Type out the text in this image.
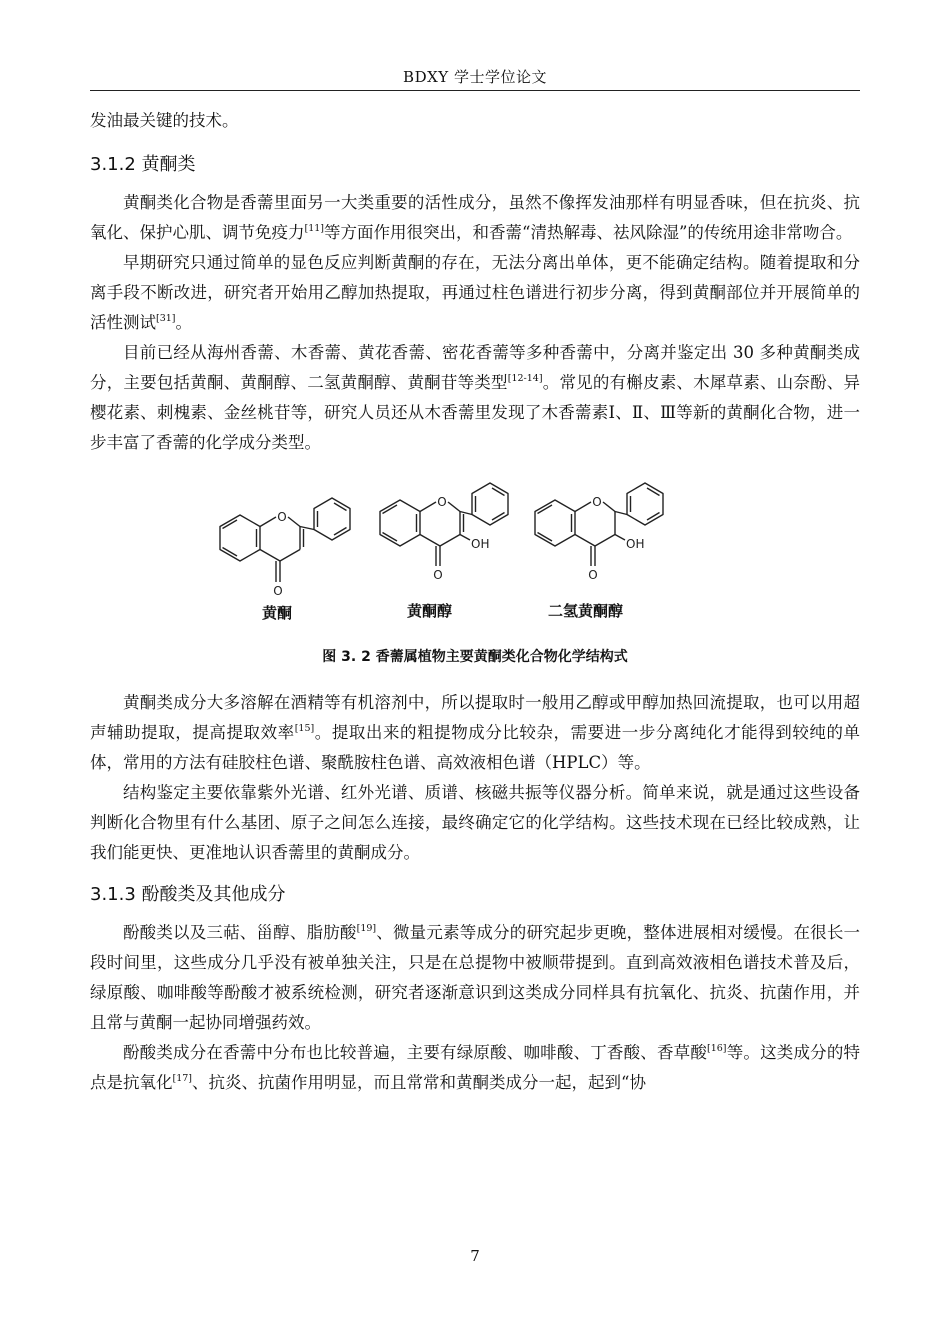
BDXY 学士学位论文

发油最关键的技术。

3.1.2 黄酮类

黄酮类化合物是香薷里面另一大类重要的活性成分，虽然不像挥发油那样有明显香味，但在抗炎、抗氧化、保护心肌、调节免疫力[11]等方面作用很突出，和香薷“清热解毒、祛风除湿”的传统用途非常吻合。

早期研究只通过简单的显色反应判断黄酮的存在，无法分离出单体，更不能确定结构。随着提取和分离手段不断改进，研究者开始用乙醇加热提取，再通过柱色谱进行初步分离，得到黄酮部位并开展简单的活性测试[31]。

目前已经从海州香薷、木香薷、黄花香薷、密花香薷等多种香薷中，分离并鉴定出 30 多种黄酮类成分，主要包括黄酮、黄酮醇、二氢黄酮醇、黄酮苷等类型[12-14]。常见的有槲皮素、木犀草素、山奈酚、异樱花素、刺槐素、金丝桃苷等，研究人员还从木香薷里发现了木香薷素Ⅰ、Ⅱ、Ⅲ等新的黄酮化合物，进一步丰富了香薷的化学成分类型。

O
O
O
O
OH
O
O
OH
黄酮	黄酮醇	二氢黄酮醇
图 3. 2 香薷属植物主要黄酮类化合物化学结构式

黄酮类成分大多溶解在酒精等有机溶剂中，所以提取时一般用乙醇或甲醇加热回流提取，也可以用超声辅助提取，提高提取效率[15]。提取出来的粗提物成分比较杂，需要进一步分离纯化才能得到较纯的单体，常用的方法有硅胶柱色谱、聚酰胺柱色谱、高效液相色谱（HPLC）等。

结构鉴定主要依靠紫外光谱、红外光谱、质谱、核磁共振等仪器分析。简单来说，就是通过这些设备判断化合物里有什么基团、原子之间怎么连接，最终确定它的化学结构。这些技术现在已经比较成熟，让我们能更快、更准地认识香薷里的黄酮成分。

3.1.3 酚酸类及其他成分

酚酸类以及三萜、甾醇、脂肪酸[19]、微量元素等成分的研究起步更晚，整体进展相对缓慢。在很长一段时间里，这些成分几乎没有被单独关注，只是在总提物中被顺带提到。直到高效液相色谱技术普及后，绿原酸、咖啡酸等酚酸才被系统检测，研究者逐渐意识到这类成分同样具有抗氧化、抗炎、抗菌作用，并且常与黄酮一起协同增强药效。

酚酸类成分在香薷中分布也比较普遍，主要有绿原酸、咖啡酸、丁香酸、香草酸[16]等。这类成分的特点是抗氧化[17]、抗炎、抗菌作用明显，而且常常和黄酮类成分一起，起到“协

7
